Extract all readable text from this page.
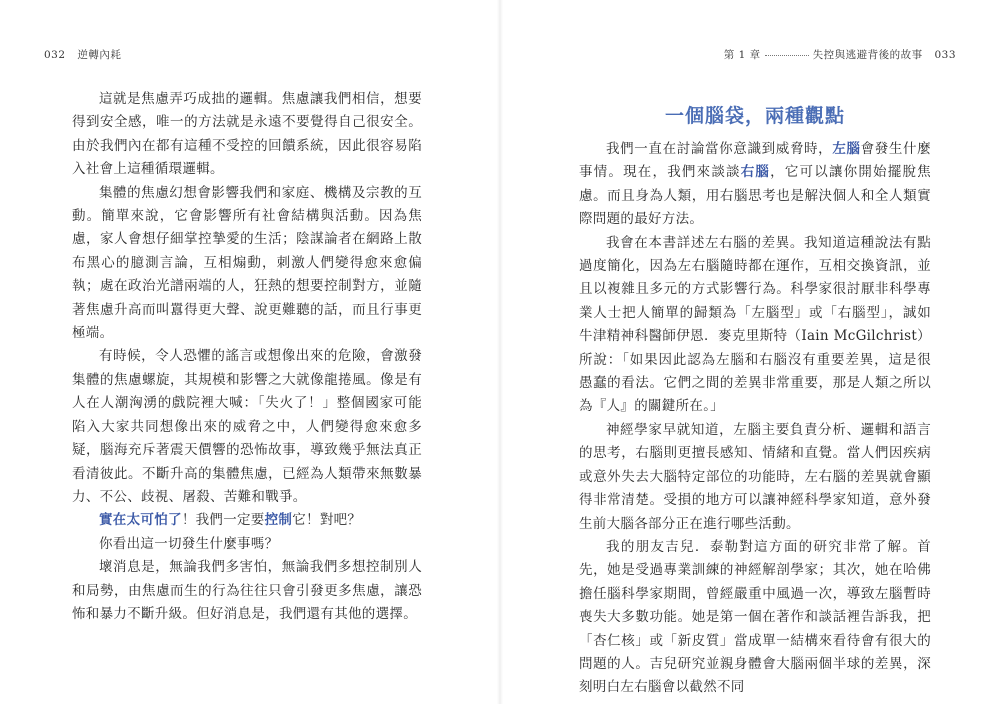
032 逆轉內耗

這就是焦慮弄巧成拙的邏輯。焦慮讓我們相信，想要得到安全感，唯一的方法就是永遠不要覺得自己很安全。由於我們內在都有這種不受控的回饋系統，因此很容易陷入社會上這種循環邏輯。

集體的焦慮幻想會影響我們和家庭、機構及宗教的互動。簡單來說，它會影響所有社會結構與活動。因為焦慮，家人會想仔細掌控摯愛的生活；陰謀論者在網路上散布黑心的臆測言論，互相煽動，刺激人們變得愈來愈偏執；處在政治光譜兩端的人，狂熱的想要控制對方，並隨著焦慮升高而叫囂得更大聲、說更難聽的話，而且行事更極端。

有時候，令人恐懼的謠言或想像出來的危險，會激發集體的焦慮螺旋，其規模和影響之大就像龍捲風。像是有人在人潮洶湧的戲院裡大喊：「失火了！」整個國家可能陷入大家共同想像出來的威脅之中，人們變得愈來愈多疑，腦海充斥著震天價響的恐怖故事，導致幾乎無法真正看清彼此。不斷升高的集體焦慮，已經為人類帶來無數暴力、不公、歧視、屠殺、苦難和戰爭。

實在太可怕了！我們一定要控制它！對吧？

你看出這一切發生什麼事嗎？

壞消息是，無論我們多害怕，無論我們多想控制別人和局勢，由焦慮而生的行為往往只會引發更多焦慮，讓恐怖和暴力不斷升級。但好消息是，我們還有其他的選擇。

第 1 章	失控與逃避背後的故事 033

一個腦袋，兩種觀點

我們一直在討論當你意識到威脅時，左腦會發生什麼事情。現在，我們來談談右腦，它可以讓你開始擺脫焦慮。而且身為人類，用右腦思考也是解決個人和全人類實際問題的最好方法。

我會在本書詳述左右腦的差異。我知道這種說法有點過度簡化，因為左右腦隨時都在運作，互相交換資訊，並且以複雜且多元的方式影響行為。科學家很討厭非科學專業人士把人簡單的歸類為「左腦型」或「右腦型」，誠如牛津精神科醫師伊恩．麥克里斯特（Iain McGilchrist）所說：「如果因此認為左腦和右腦沒有重要差異，這是很愚蠢的看法。它們之間的差異非常重要，那是人類之所以為『人』的關鍵所在。」

神經學家早就知道，左腦主要負責分析、邏輯和語言的思考，右腦則更擅長感知、情緒和直覺。當人們因疾病或意外失去大腦特定部位的功能時，左右腦的差異就會顯得非常清楚。受損的地方可以讓神經科學家知道，意外發生前大腦各部分正在進行哪些活動。

我的朋友吉兒．泰勒對這方面的研究非常了解。首先，她是受過專業訓練的神經解剖學家；其次，她在哈佛擔任腦科學家期間，曾經嚴重中風過一次，導致左腦暫時喪失大多數功能。她是第一個在著作和談話裡告訴我，把「杏仁核」或「新皮質」當成單一結構來看待會有很大的問題的人。吉兒研究並親身體會大腦兩個半球的差異，深刻明白左右腦會以截然不同
